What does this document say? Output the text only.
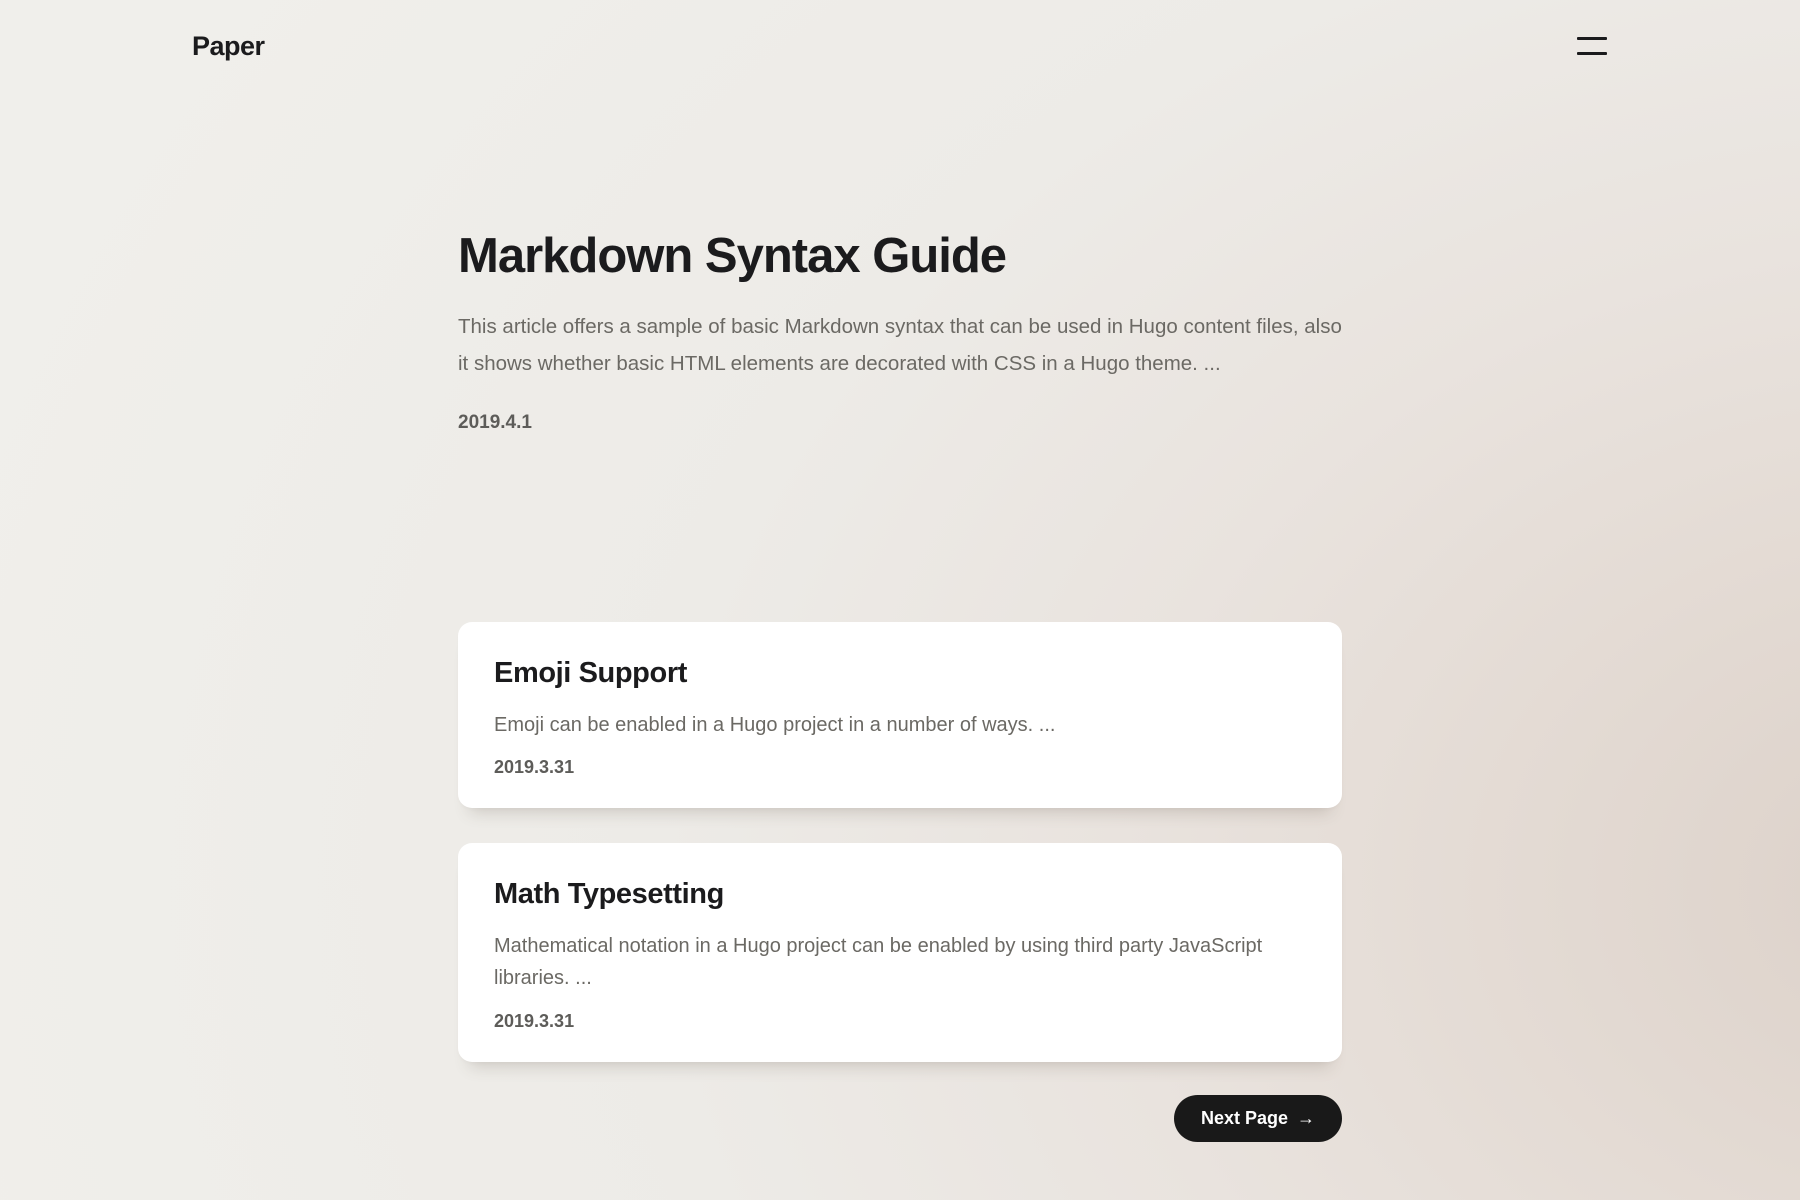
Paper
Markdown Syntax Guide

This article offers a sample of basic Markdown syntax that can be used in Hugo content files, also it shows whether basic HTML elements are decorated with CSS in a Hugo theme. ...

2019.4.1
Emoji Support

Emoji can be enabled in a Hugo project in a number of ways. ...

2019.3.31
Math Typesetting

Mathematical notation in a Hugo project can be enabled by using third party JavaScript libraries. ...

2019.3.31
Next Page →
